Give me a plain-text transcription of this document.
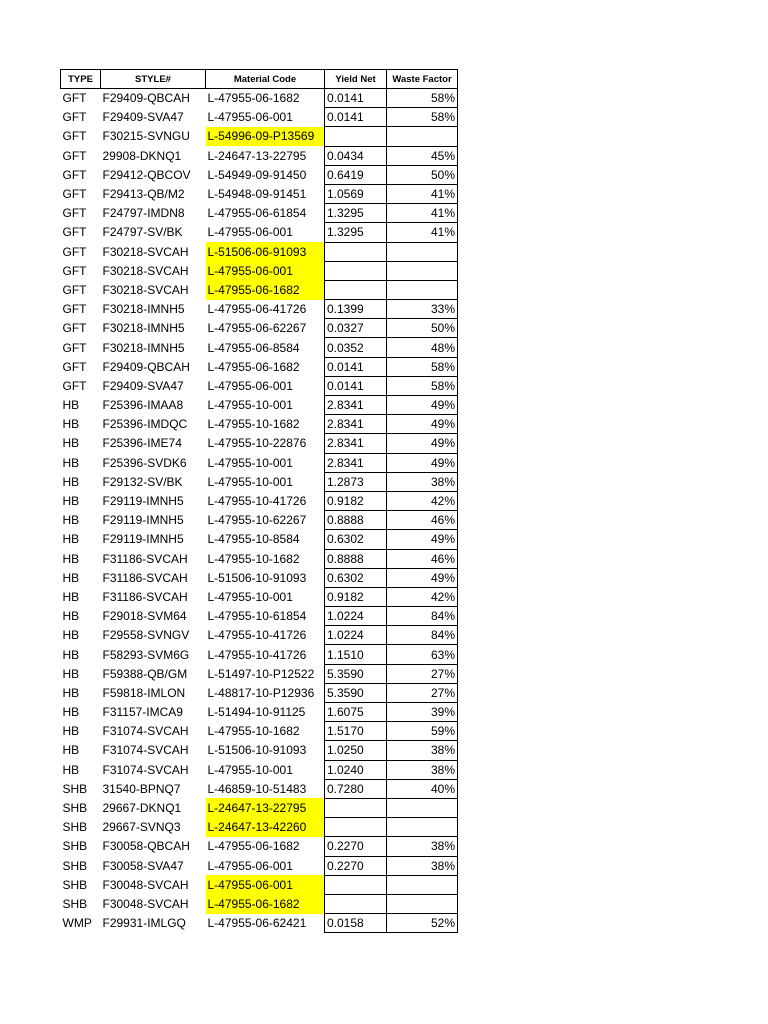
TYPE	STYLE#	Material Code	Yield Net	Waste Factor
GFT	F29409-QBCAH	L-47955-06-1682	0.0141	58%
GFT	F29409-SVA47	L-47955-06-001	0.0141	58%
GFT	F30215-SVNGU	L-54996-09-P13569		
GFT	29908-DKNQ1	L-24647-13-22795	0.0434	45%
GFT	F29412-QBCOV	L-54949-09-91450	0.6419	50%
GFT	F29413-QB/M2	L-54948-09-91451	1.0569	41%
GFT	F24797-IMDN8	L-47955-06-61854	1.3295	41%
GFT	F24797-SV/BK	L-47955-06-001	1.3295	41%
GFT	F30218-SVCAH	L-51506-06-91093		
GFT	F30218-SVCAH	L-47955-06-001		
GFT	F30218-SVCAH	L-47955-06-1682		
GFT	F30218-IMNH5	L-47955-06-41726	0.1399	33%
GFT	F30218-IMNH5	L-47955-06-62267	0.0327	50%
GFT	F30218-IMNH5	L-47955-06-8584	0.0352	48%
GFT	F29409-QBCAH	L-47955-06-1682	0.0141	58%
GFT	F29409-SVA47	L-47955-06-001	0.0141	58%
HB	F25396-IMAA8	L-47955-10-001	2.8341	49%
HB	F25396-IMDQC	L-47955-10-1682	2.8341	49%
HB	F25396-IME74	L-47955-10-22876	2.8341	49%
HB	F25396-SVDK6	L-47955-10-001	2.8341	49%
HB	F29132-SV/BK	L-47955-10-001	1.2873	38%
HB	F29119-IMNH5	L-47955-10-41726	0.9182	42%
HB	F29119-IMNH5	L-47955-10-62267	0.8888	46%
HB	F29119-IMNH5	L-47955-10-8584	0.6302	49%
HB	F31186-SVCAH	L-47955-10-1682	0.8888	46%
HB	F31186-SVCAH	L-51506-10-91093	0.6302	49%
HB	F31186-SVCAH	L-47955-10-001	0.9182	42%
HB	F29018-SVM64	L-47955-10-61854	1.0224	84%
HB	F29558-SVNGV	L-47955-10-41726	1.0224	84%
HB	F58293-SVM6G	L-47955-10-41726	1.1510	63%
HB	F59388-QB/GM	L-51497-10-P12522	5.3590	27%
HB	F59818-IMLON	L-48817-10-P12936	5.3590	27%
HB	F31157-IMCA9	L-51494-10-91125	1.6075	39%
HB	F31074-SVCAH	L-47955-10-1682	1.5170	59%
HB	F31074-SVCAH	L-51506-10-91093	1.0250	38%
HB	F31074-SVCAH	L-47955-10-001	1.0240	38%
SHB	31540-BPNQ7	L-46859-10-51483	0.7280	40%
SHB	29667-DKNQ1	L-24647-13-22795		
SHB	29667-SVNQ3	L-24647-13-42260		
SHB	F30058-QBCAH	L-47955-06-1682	0.2270	38%
SHB	F30058-SVA47	L-47955-06-001	0.2270	38%
SHB	F30048-SVCAH	L-47955-06-001		
SHB	F30048-SVCAH	L-47955-06-1682		
WMP	F29931-IMLGQ	L-47955-06-62421	0.0158	52%
